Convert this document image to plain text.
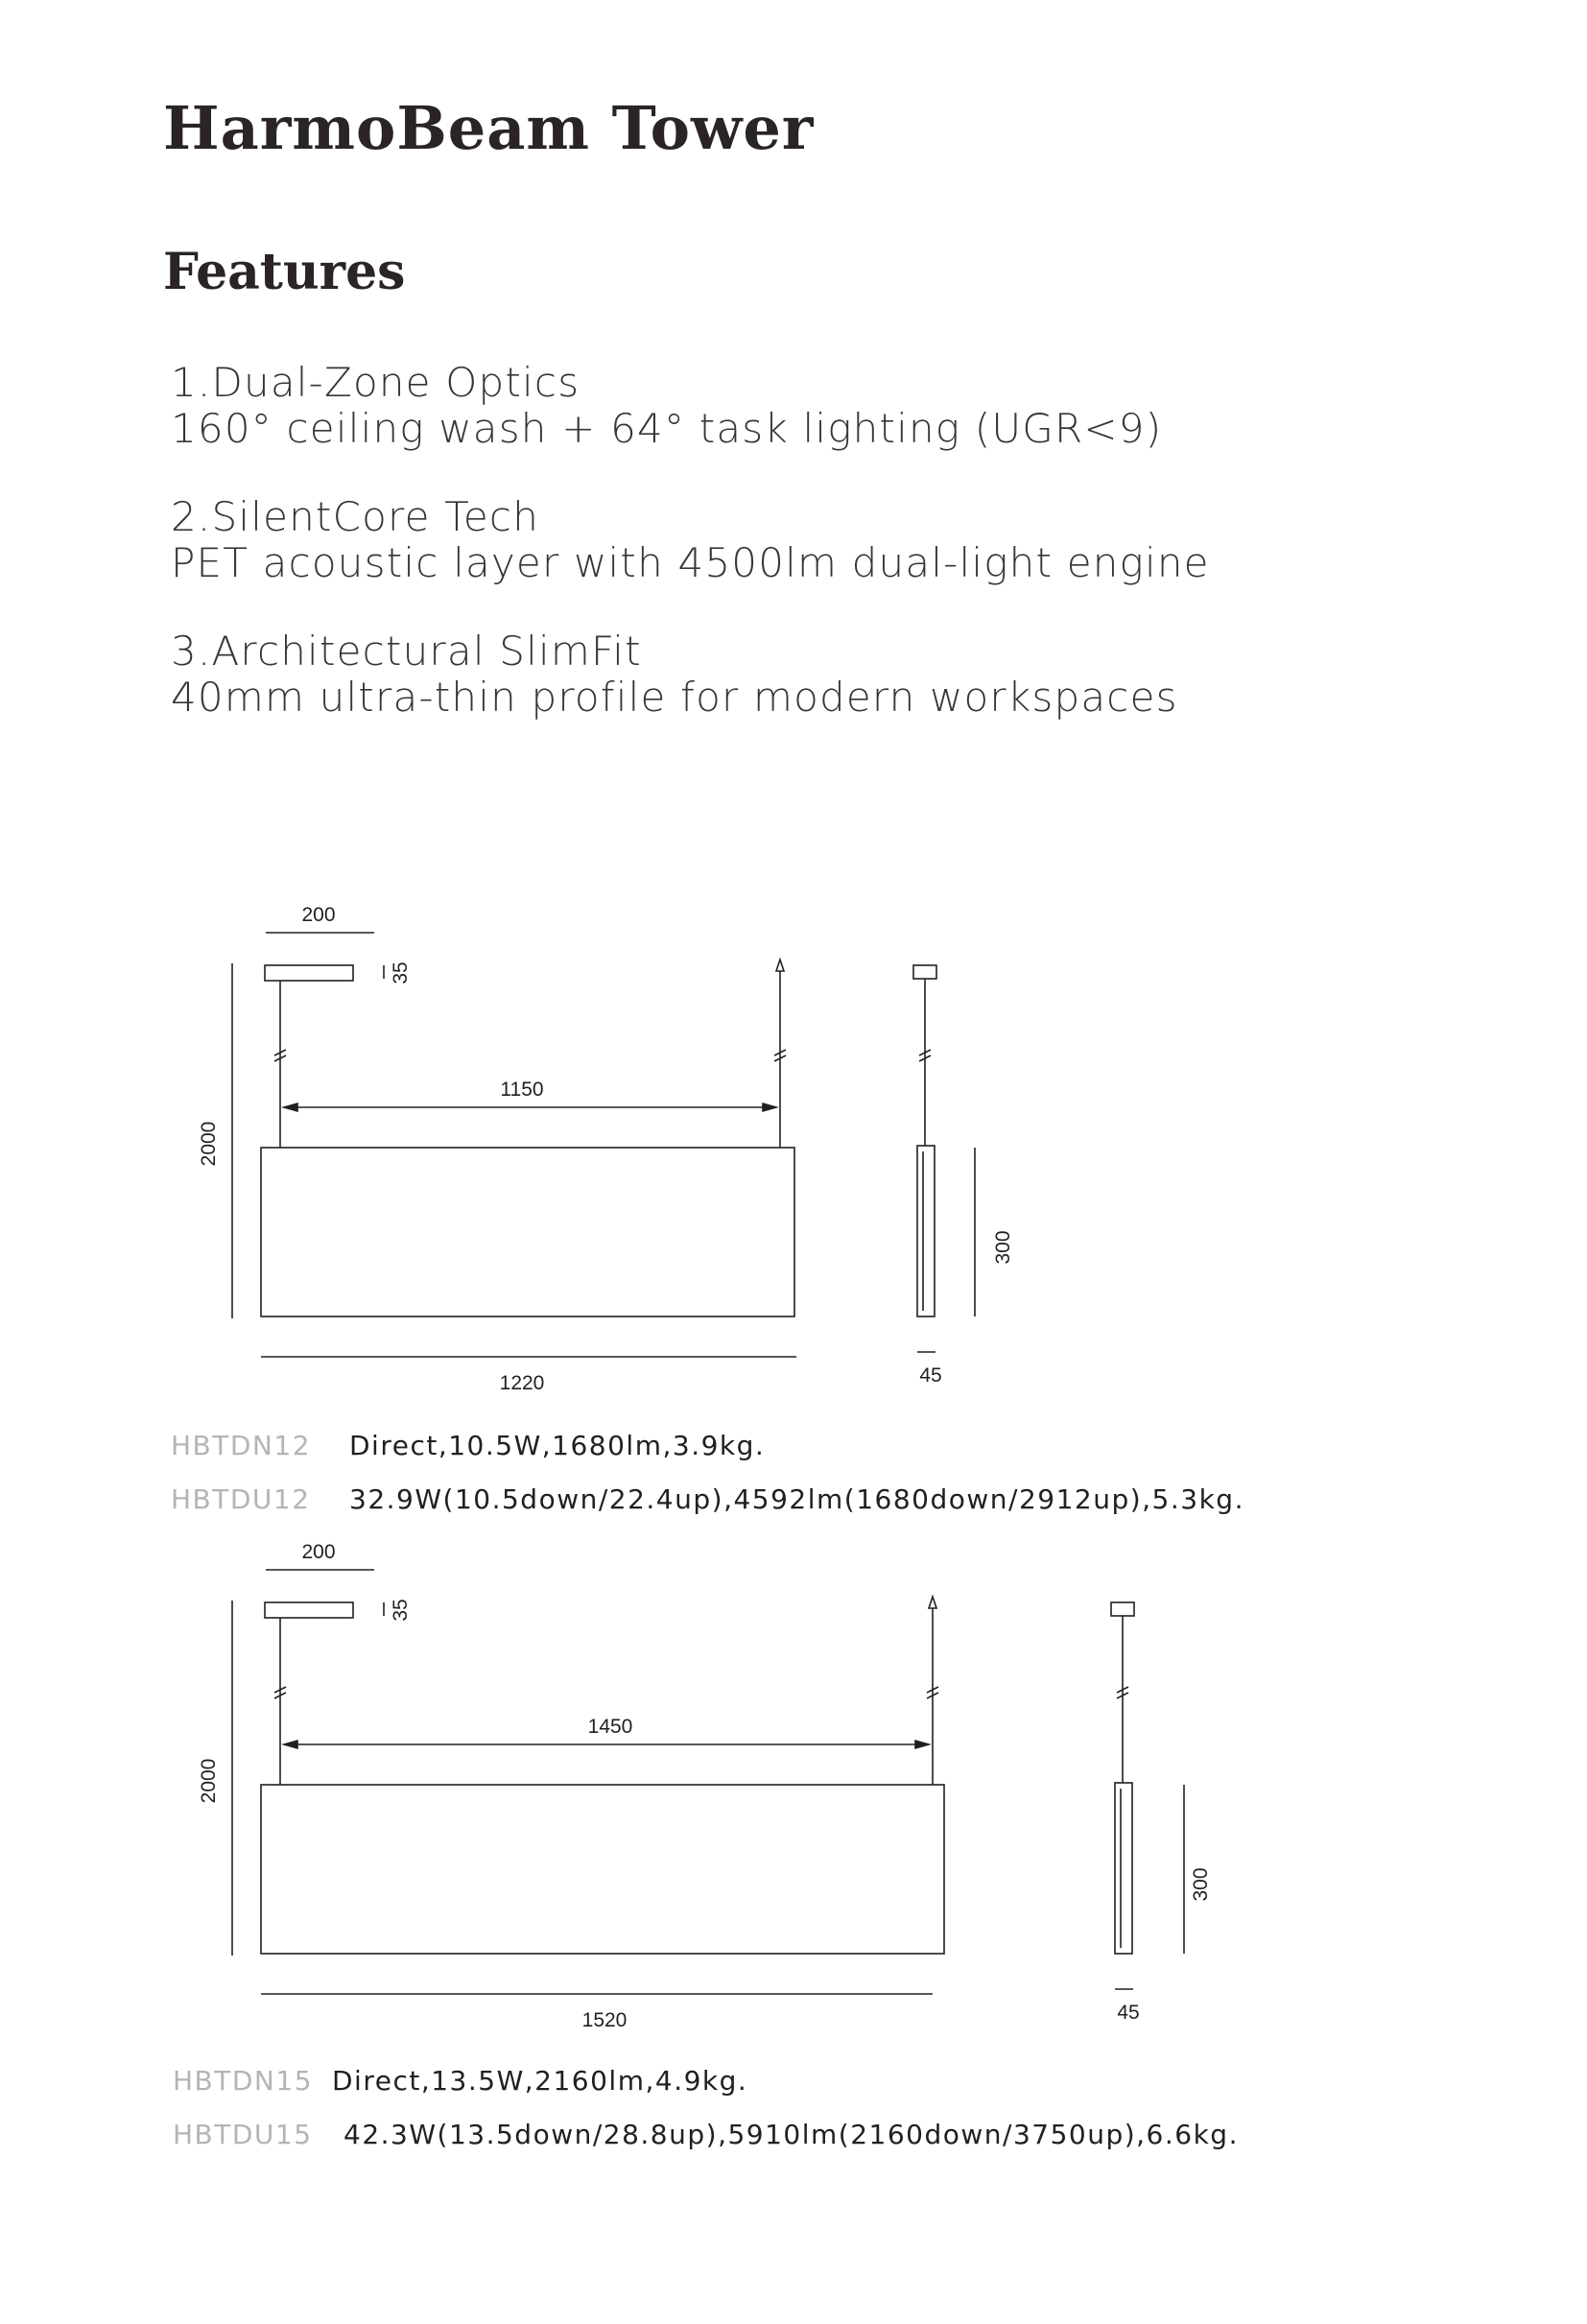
HarmoBeam Tower
Features
1.Dual-Zone Optics
160° ceiling wash + 64° task lighting (UGR<9)
2.SilentCore Tech
PET acoustic layer with 4500lm dual-light engine
3.Architectural SlimFit
40mm ultra-thin profile for modern workspaces
200
35
1150
2000
1220
300
45
HBTDN12 Direct,10.5W,1680lm,3.9kg.
HBTDU12 32.9W(10.5down/22.4up),4592lm(1680down/2912up),5.3kg.
200
35
1450
2000
1520
300
45
HBTDN15 Direct,13.5W,2160lm,4.9kg.
HBTDU15 42.3W(13.5down/28.8up),5910lm(2160down/3750up),6.6kg.
